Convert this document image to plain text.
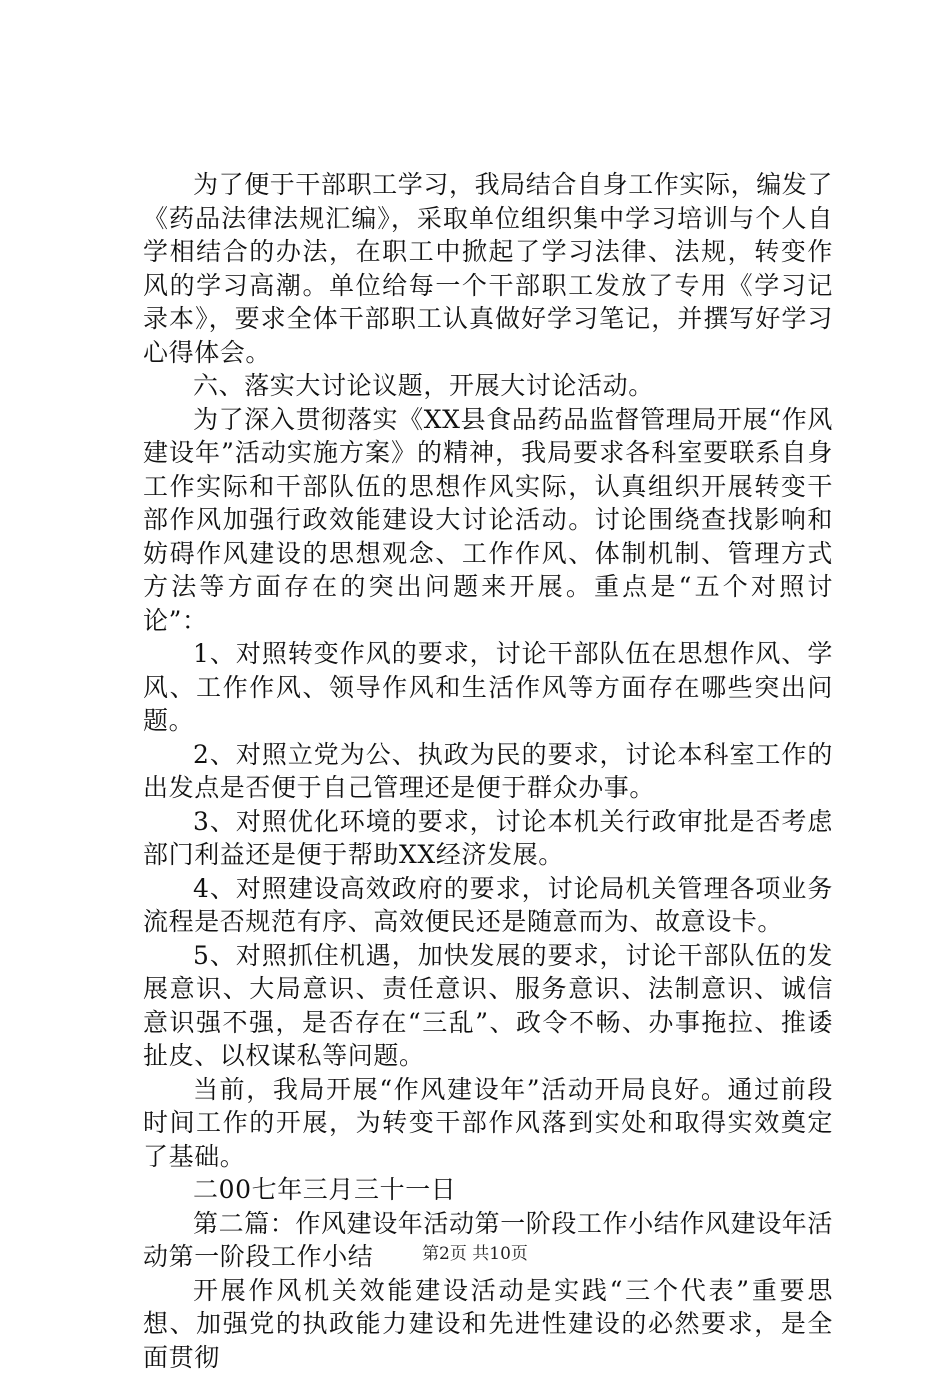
为了便于干部职工学习，我局结合自身工作实际，编发了《药品法律法规汇编》，采取单位组织集中学习培训与个人自学相结合的办法，在职工中掀起了学习法律、法规，转变作风的学习高潮。单位给每一个干部职工发放了专用《学习记录本》，要求全体干部职工认真做好学习笔记，并撰写好学习心得体会。

六、落实大讨论议题，开展大讨论活动。

为了深入贯彻落实《XX县食品药品监督管理局开展“作风建设年”活动实施方案》的精神，我局要求各科室要联系自身工作实际和干部队伍的思想作风实际，认真组织开展转变干部作风加强行政效能建设大讨论活动。讨论围绕查找影响和妨碍作风建设的思想观念、工作作风、体制机制、管理方式方法等方面存在的突出问题来开展。重点是“五个对照讨论”：

1、对照转变作风的要求，讨论干部队伍在思想作风、学风、工作作风、领导作风和生活作风等方面存在哪些突出问题。

2、对照立党为公、执政为民的要求，讨论本科室工作的出发点是否便于自己管理还是便于群众办事。

3、对照优化环境的要求，讨论本机关行政审批是否考虑部门利益还是便于帮助XX经济发展。

4、对照建设高效政府的要求，讨论局机关管理各项业务流程是否规范有序、高效便民还是随意而为、故意设卡。

5、对照抓住机遇，加快发展的要求，讨论干部队伍的发展意识、大局意识、责任意识、服务意识、法制意识、诚信意识强不强，是否存在“三乱”、政令不畅、办事拖拉、推诿扯皮、以权谋私等问题。

当前，我局开展“作风建设年”活动开局良好。通过前段时间工作的开展，为转变干部作风落到实处和取得实效奠定了基础。

二00七年三月三十一日

第二篇：作风建设年活动第一阶段工作小结作风建设年活动第一阶段工作小结

开展作风机关效能建设活动是实践“三个代表”重要思想、加强党的执政能力建设和先进性建设的必然要求，是全面贯彻

第2页 共10页
